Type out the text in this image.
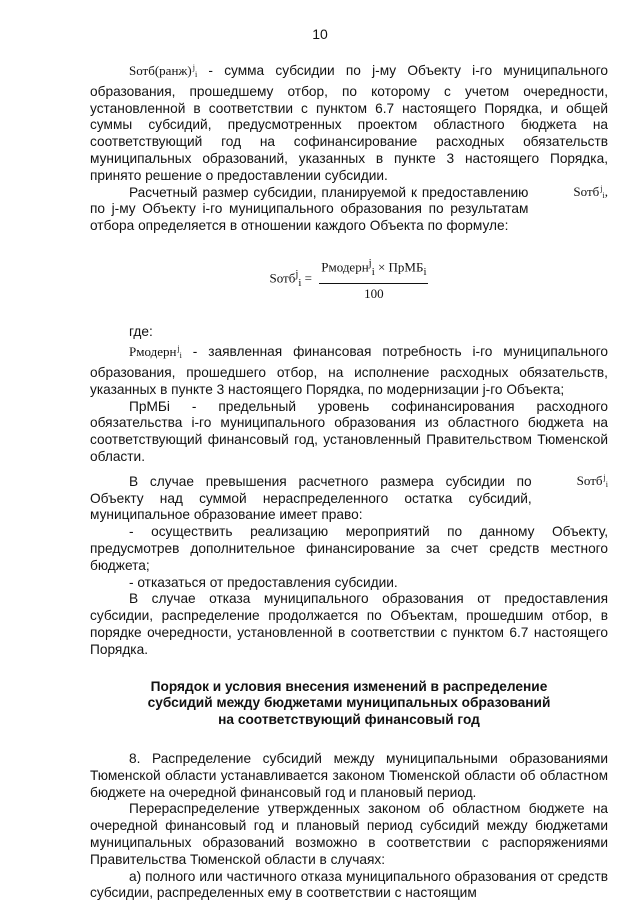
10

Sотб(ранж)$^j_i$ - сумма субсидии по j-му Объекту i-го муниципального образования, прошедшему отбор, по которому с учетом очередности, установленной в соответствии с пунктом 6.7 настоящего Порядка, и общей суммы субсидий, предусмотренных проектом областного бюджета на соответствующий год на софинансирование расходных обязательств муниципальных образований, указанных в пункте 3 настоящего Порядка, принято решение о предоставлении субсидии.

Sотб$^j_i$,
Расчетный размер субсидии, планируемой к предоставлению по j-му Объекту i-го муниципального образования по результатам отбора определяется в отношении каждого Объекта по формуле:

Sотб$^j_i$ = $\frac{Рмодерн^j_i \times ПрМБ_i}{100}$

где:

Рмодерн$^j_i$ - заявленная финансовая потребность i-го муниципального образования, прошедшего отбор, на исполнение расходных обязательств, указанных в пункте 3 настоящего Порядка, по модернизации j-го Объекта;

ПрМБi - предельный уровень софинансирования расходного обязательства i-го муниципального образования из областного бюджета на соответствующий финансовый год, установленный Правительством Тюменской области.

Sотб$^j_i$
В случае превышения расчетного размера субсидии по Объекту над суммой нераспределенного остатка субсидий, муниципальное образование имеет право:

- осуществить реализацию мероприятий по данному Объекту, предусмотрев дополнительное финансирование за счет средств местного бюджета;

- отказаться от предоставления субсидии.

В случае отказа муниципального образования от предоставления субсидии, распределение продолжается по Объектам, прошедшим отбор, в порядке очередности, установленной в соответствии с пунктом 6.7 настоящего Порядка.

Порядок и условия внесения изменений в распределение
субсидий между бюджетами муниципальных образований
на соответствующий финансовый год

8. Распределение субсидий между муниципальными образованиями Тюменской области устанавливается законом Тюменской области об областном бюджете на очередной финансовый год и плановый период.

Перераспределение утвержденных законом об областном бюджете на очередной финансовый год и плановый период субсидий между бюджетами муниципальных образований возможно в соответствии с распоряжениями Правительства Тюменской области в случаях:

а) полного или частичного отказа муниципального образования от средств субсидии, распределенных ему в соответствии с настоящим
